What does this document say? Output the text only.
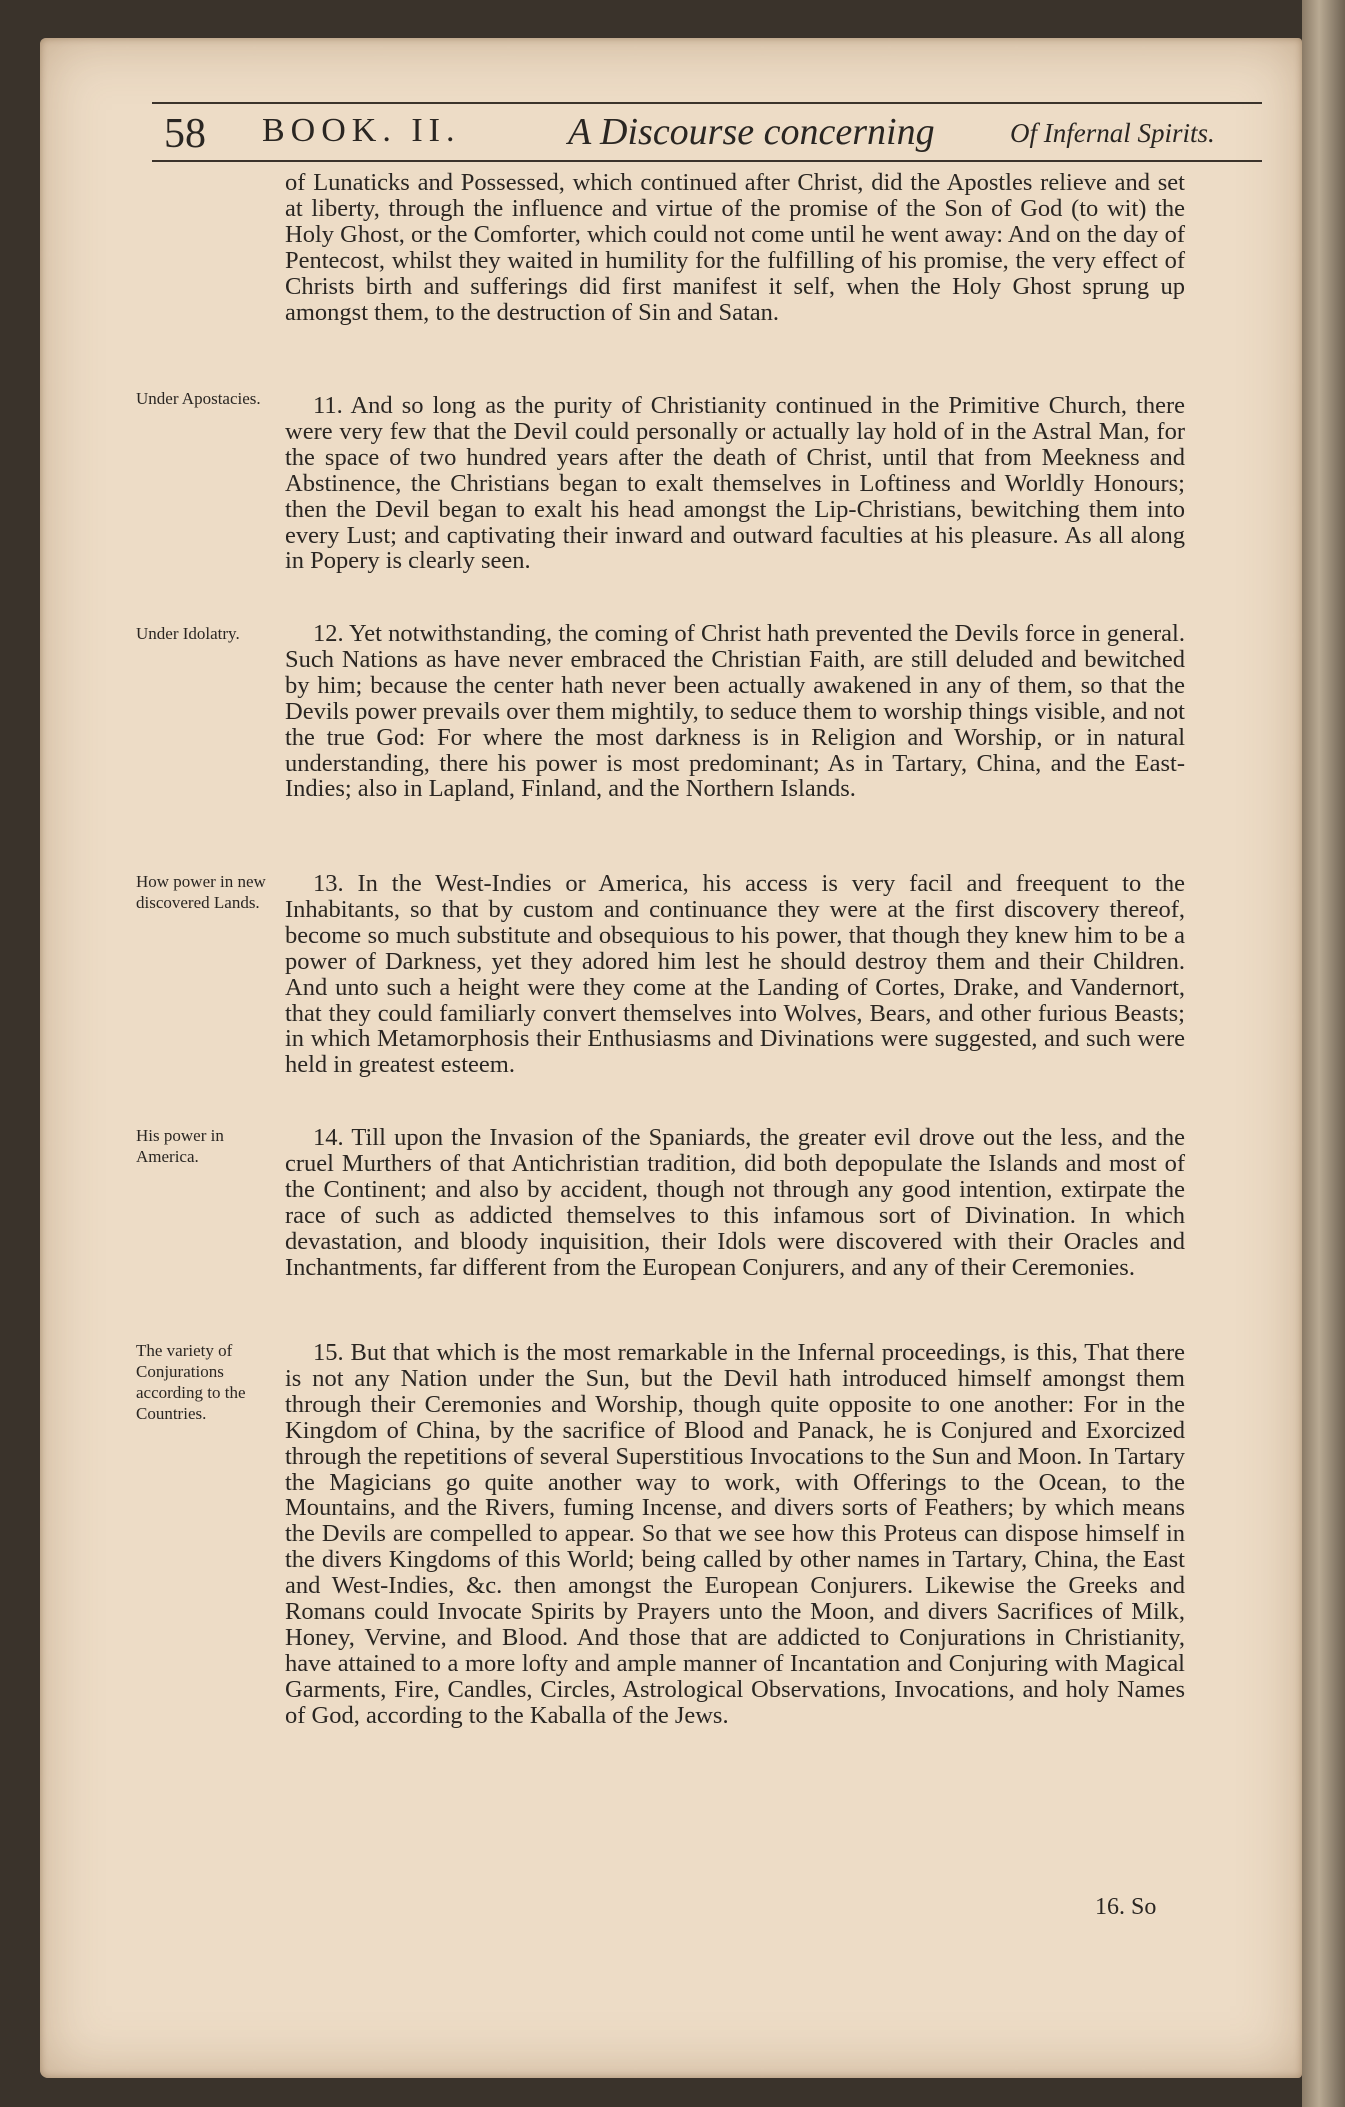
58 BOOK. II.	A Discourse concerning	Of Infernal Spirits.
Under Apostacies.
Under Idolatry.
How power in new discovered Lands.
His power in America.
The variety of Conjurations according to the Countries.
of Lunaticks and Possessed, which continued after Christ, did the Apostles relieve and set at liberty, through the influence and virtue of the promise of the Son of God (to wit) the Holy Ghost, or the Comforter, which could not come until he went away: And on the day of Pentecost, whilst they waited in humility for the fulfilling of his promise, the very effect of Christs birth and sufferings did first manifest it self, when the Holy Ghost sprung up amongst them, to the destruction of Sin and Satan.
11. And so long as the purity of Christianity continued in the Primitive Church, there were very few that the Devil could personally or actually lay hold of in the Astral Man, for the space of two hundred years after the death of Christ, until that from Meekness and Abstinence, the Christians began to exalt themselves in Loftiness and Worldly Honours; then the Devil began to exalt his head amongst the Lip-Christians, bewitching them into every Lust; and captivating their inward and outward faculties at his pleasure. As all along in Popery is clearly seen.
12. Yet notwithstanding, the coming of Christ hath prevented the Devils force in general. Such Nations as have never embraced the Christian Faith, are still deluded and bewitched by him; because the center hath never been actually awakened in any of them, so that the Devils power prevails over them mightily, to seduce them to worship things visible, and not the true God: For where the most darkness is in Religion and Worship, or in natural understanding, there his power is most predominant; As in Tartary, China, and the East-Indies; also in Lapland, Finland, and the Northern Islands.
13. In the West-Indies or America, his access is very facil and freequent to the Inhabitants, so that by custom and continuance they were at the first discovery thereof, become so much substitute and obsequious to his power, that though they knew him to be a power of Darkness, yet they adored him lest he should destroy them and their Children. And unto such a height were they come at the Landing of Cortes, Drake, and Vandernort, that they could familiarly convert themselves into Wolves, Bears, and other furious Beasts; in which Metamorphosis their Enthusiasms and Divinations were suggested, and such were held in greatest esteem.
14. Till upon the Invasion of the Spaniards, the greater evil drove out the less, and the cruel Murthers of that Antichristian tradition, did both depopulate the Islands and most of the Continent; and also by accident, though not through any good intention, extirpate the race of such as addicted themselves to this infamous sort of Divination. In which devastation, and bloody inquisition, their Idols were discovered with their Oracles and Inchantments, far different from the European Conjurers, and any of their Ceremonies.
15. But that which is the most remarkable in the Infernal proceedings, is this, That there is not any Nation under the Sun, but the Devil hath introduced himself amongst them through their Ceremonies and Worship, though quite opposite to one another: For in the Kingdom of China, by the sacrifice of Blood and Panack, he is Conjured and Exorcized through the repetitions of several Superstitious Invocations to the Sun and Moon. In Tartary the Magicians go quite another way to work, with Offerings to the Ocean, to the Mountains, and the Rivers, fuming Incense, and divers sorts of Feathers; by which means the Devils are compelled to appear. So that we see how this Proteus can dispose himself in the divers Kingdoms of this World; being called by other names in Tartary, China, the East and West-Indies, &c. then amongst the European Conjurers. Likewise the Greeks and Romans could Invocate Spirits by Prayers unto the Moon, and divers Sacrifices of Milk, Honey, Vervine, and Blood. And those that are addicted to Conjurations in Christianity, have attained to a more lofty and ample manner of Incantation and Conjuring with Magical Garments, Fire, Candles, Circles, Astrological Observations, Invocations, and holy Names of God, according to the Kaballa of the Jews.
16. So
